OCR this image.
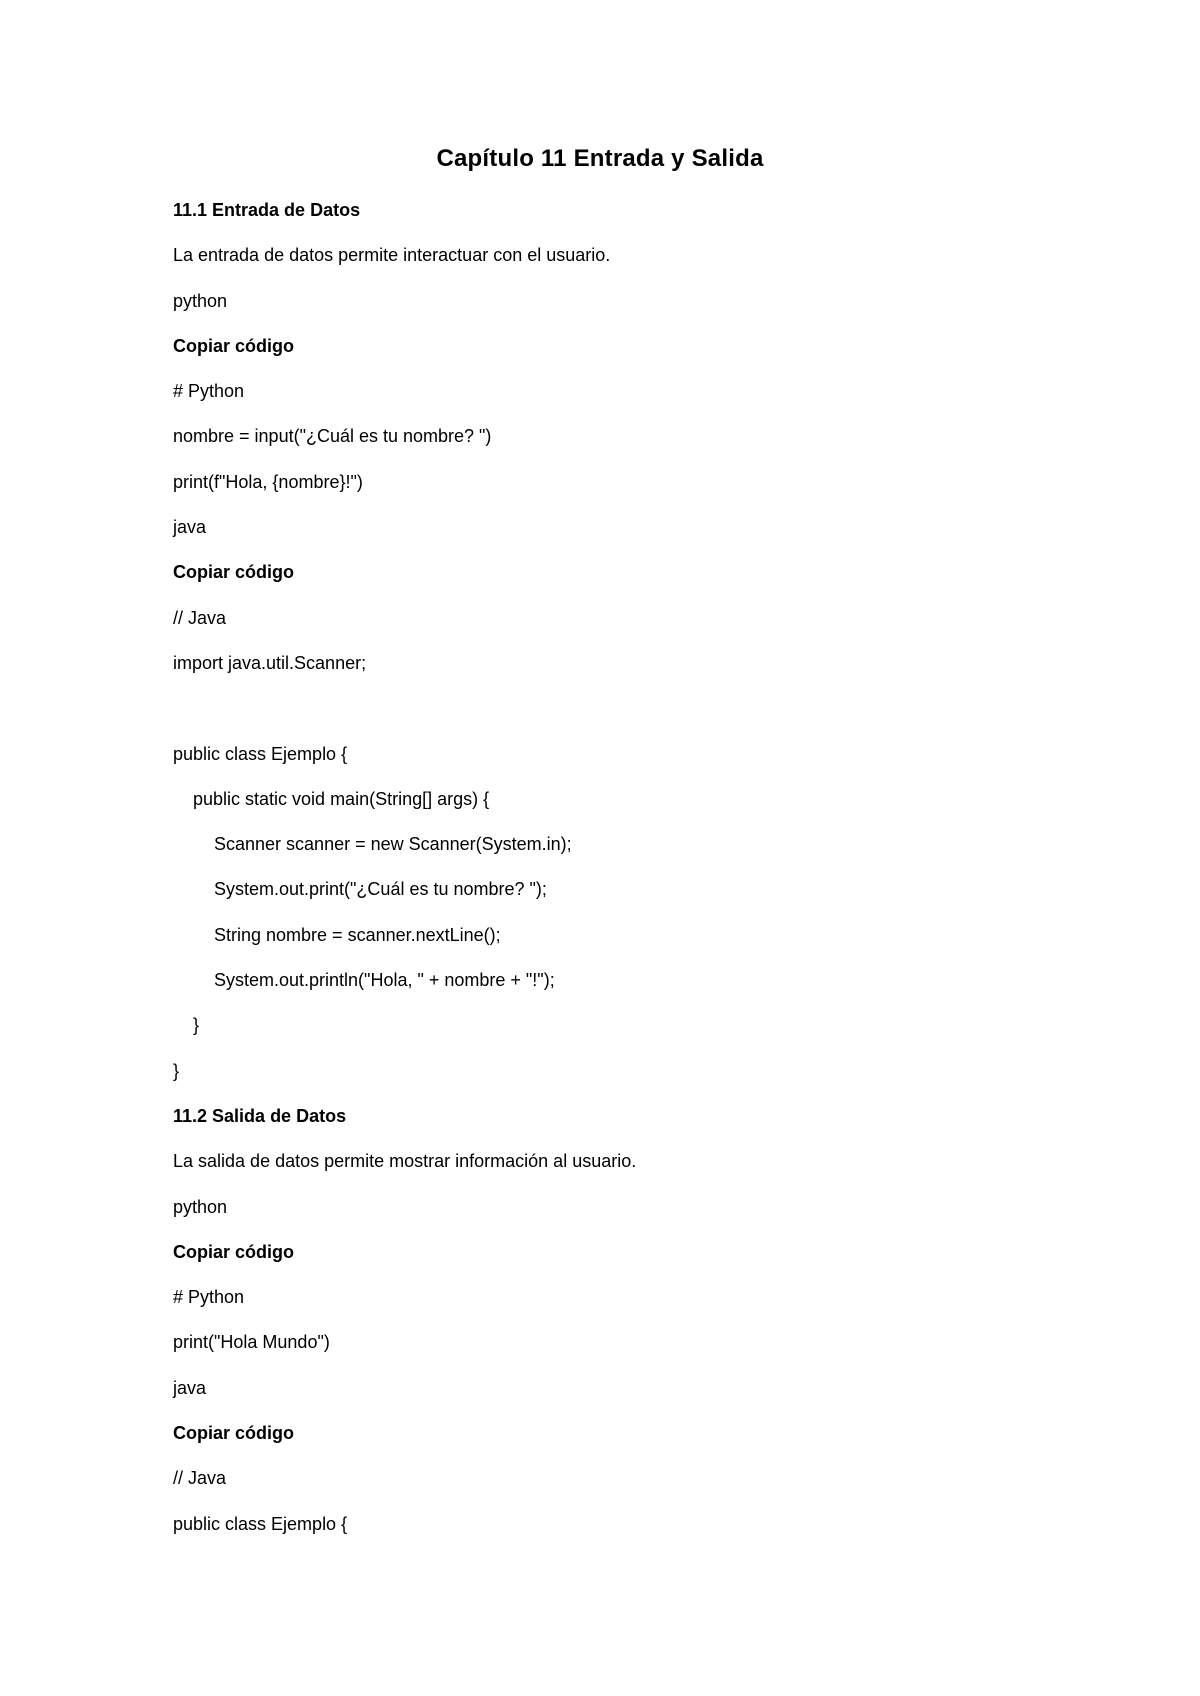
Capítulo 11 Entrada y Salida
11.1 Entrada de Datos
La entrada de datos permite interactuar con el usuario.
python
Copiar código
# Python
nombre = input("¿Cuál es tu nombre? ")
print(f"Hola, {nombre}!")
java
Copiar código
// Java
import java.util.Scanner;
public class Ejemplo {
public static void main(String[] args) {
Scanner scanner = new Scanner(System.in);
System.out.print("¿Cuál es tu nombre? ");
String nombre = scanner.nextLine();
System.out.println("Hola, " + nombre + "!");
}
}
11.2 Salida de Datos
La salida de datos permite mostrar información al usuario.
python
Copiar código
# Python
print("Hola Mundo")
java
Copiar código
// Java
public class Ejemplo {
